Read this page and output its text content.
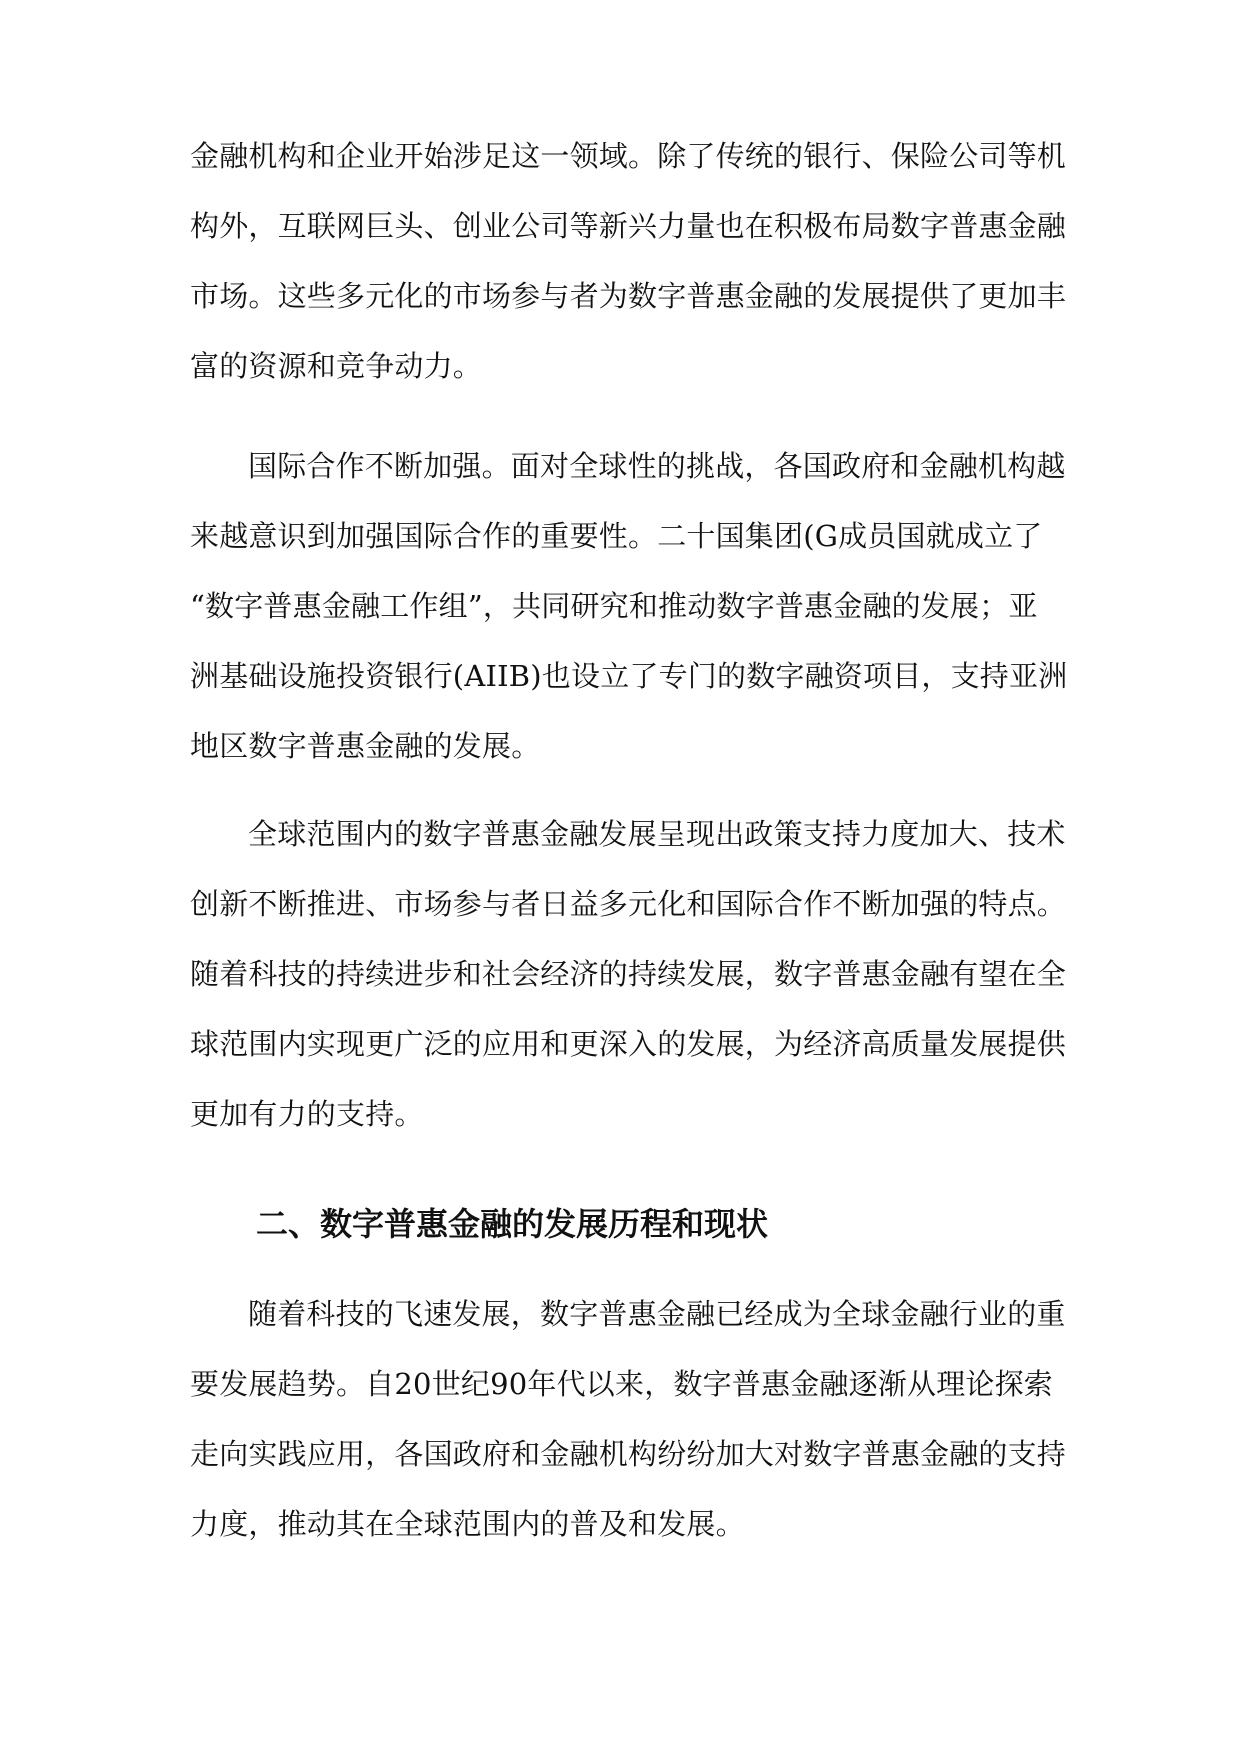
金融机构和企业开始涉足这一领域。除了传统的银行、保险公司等机
构外，互联网巨头、创业公司等新兴力量也在积极布局数字普惠金融
市场。这些多元化的市场参与者为数字普惠金融的发展提供了更加丰
富的资源和竞争动力。
国际合作不断加强。面对全球性的挑战，各国政府和金融机构越
来越意识到加强国际合作的重要性。二十国集团(G成员国就成立了
“数字普惠金融工作组”，共同研究和推动数字普惠金融的发展；亚
洲基础设施投资银行(AIIB)也设立了专门的数字融资项目，支持亚洲
地区数字普惠金融的发展。
全球范围内的数字普惠金融发展呈现出政策支持力度加大、技术
创新不断推进、市场参与者日益多元化和国际合作不断加强的特点。
随着科技的持续进步和社会经济的持续发展，数字普惠金融有望在全
球范围内实现更广泛的应用和更深入的发展，为经济高质量发展提供
更加有力的支持。
二、数字普惠金融的发展历程和现状
随着科技的飞速发展，数字普惠金融已经成为全球金融行业的重
要发展趋势。自20世纪90年代以来，数字普惠金融逐渐从理论探索
走向实践应用，各国政府和金融机构纷纷加大对数字普惠金融的支持
力度，推动其在全球范围内的普及和发展。
